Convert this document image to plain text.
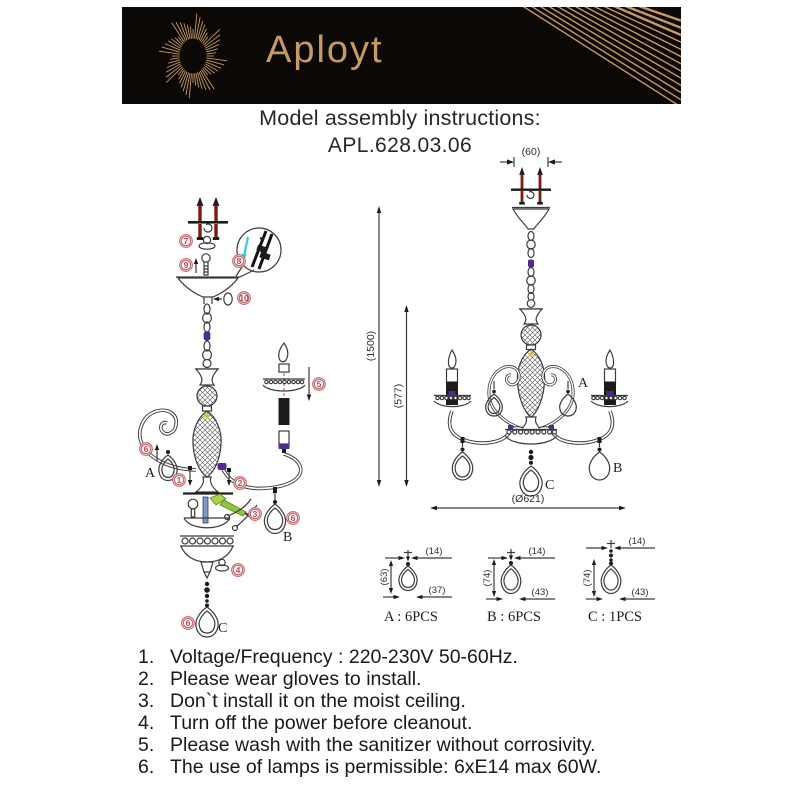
Aployt
Model assembly instructions:
APL.628.03.06
A
C
B
7
9	8
10
6
1	2
5
3
4
6
6
(60)
A
B
C
(1500)
(577)
(Ø621)
(14)
(63)
(37)
A : 6PCS
(14)
(74)
(43)
B : 6PCS
(14)
(74)
(43)
C : 1PCS
1. Voltage/Frequency : 220-230V 50-60Hz.
2. Please wear gloves to install.
3. Don`t install it on the moist ceiling.
4. Turn off the power before cleanout.
5. Please wash with the sanitizer without corrosivity.
6. The use of lamps is permissible: 6xE14 max 60W.
